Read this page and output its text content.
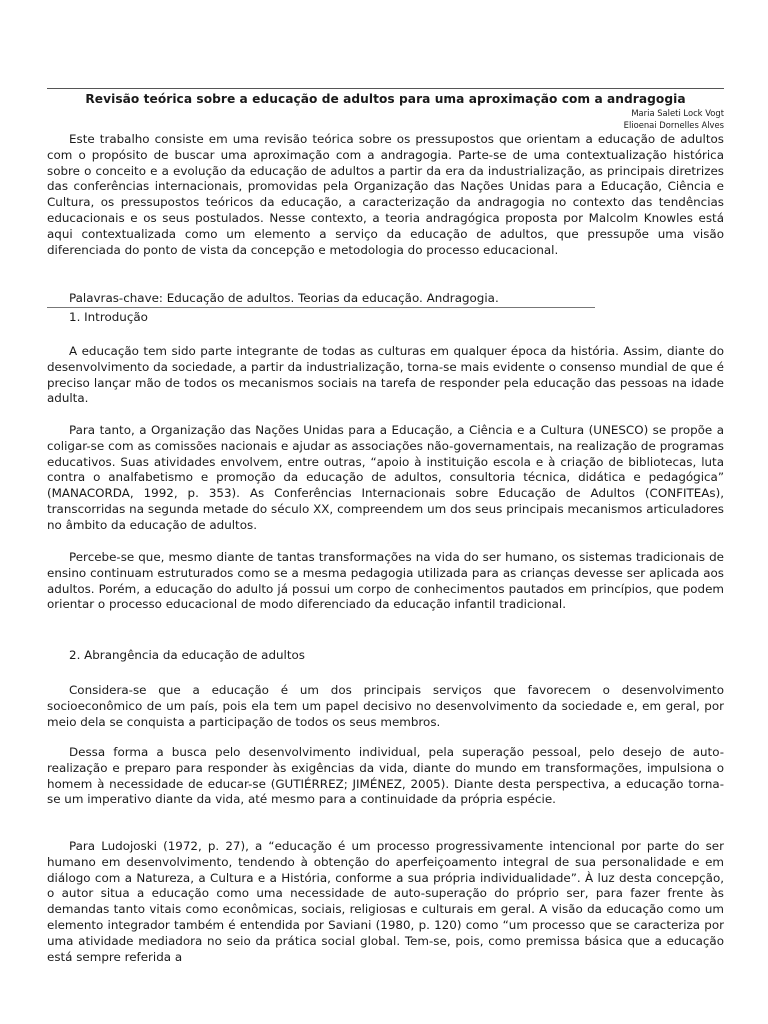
Revisão teórica sobre a educação de adultos para uma aproximação com a andragogia
Maria Saleti Lock Vogt
Elioenai Dornelles Alves

Este trabalho consiste em uma revisão teórica sobre os pressupostos que orientam a educação de adultos com o propósito de buscar uma aproximação com a andragogia. Parte-se de uma contextualização histórica sobre o conceito e a evolução da educação de adultos a partir da era da industrialização, as principais diretrizes das conferências internacionais, promovidas pela Organização das Nações Unidas para a Educação, Ciência e Cultura, os pressupostos teóricos da educação, a caracterização da andragogia no contexto das tendências educacionais e os seus postulados. Nesse contexto, a teoria andragógica proposta por Malcolm Knowles está aqui contextualizada como um elemento a serviço da educação de adultos, que pressupõe uma visão diferenciada do ponto de vista da concepção e metodologia do processo educacional.

Palavras-chave: Educação de adultos. Teorias da educação. Andragogia.

1. Introdução

A educação tem sido parte integrante de todas as culturas em qualquer época da história. Assim, diante do desenvolvimento da sociedade, a partir da industrialização, torna-se mais evidente o consenso mundial de que é preciso lançar mão de todos os mecanismos sociais na tarefa de responder pela educação das pessoas na idade adulta.

Para tanto, a Organização das Nações Unidas para a Educação, a Ciência e a Cultura (UNESCO) se propõe a coligar-se com as comissões nacionais e ajudar as associações não-governamentais, na realização de programas educativos. Suas atividades envolvem, entre outras, “apoio à instituição escola e à criação de bibliotecas, luta contra o analfabetismo e promoção da educação de adultos, consultoria técnica, didática e pedagógica” (MANACORDA, 1992, p. 353). As Conferências Internacionais sobre Educação de Adultos (CONFITEAs), transcorridas na segunda metade do século XX, compreendem um dos seus principais mecanismos articuladores no âmbito da educação de adultos.

Percebe-se que, mesmo diante de tantas transformações na vida do ser humano, os sistemas tradicionais de ensino continuam estruturados como se a mesma pedagogia utilizada para as crianças devesse ser aplicada aos adultos. Porém, a educação do adulto já possui um corpo de conhecimentos pautados em princípios, que podem orientar o processo educacional de modo diferenciado da educação infantil tradicional.

2. Abrangência da educação de adultos

Considera-se que a educação é um dos principais serviços que favorecem o desenvolvimento socioeconômico de um país, pois ela tem um papel decisivo no desenvolvimento da sociedade e, em geral, por meio dela se conquista a participação de todos os seus membros.

Dessa forma a busca pelo desenvolvimento individual, pela superação pessoal, pelo desejo de auto-realização e preparo para responder às exigências da vida, diante do mundo em transformações, impulsiona o homem à necessidade de educar-se (GUTIÉRREZ; JIMÉNEZ, 2005). Diante desta perspectiva, a educação torna-se um imperativo diante da vida, até mesmo para a continuidade da própria espécie.

Para Ludojoski (1972, p. 27), a “educação é um processo progressivamente intencional por parte do ser humano em desenvolvimento, tendendo à obtenção do aperfeiçoamento integral de sua personalidade e em diálogo com a Natureza, a Cultura e a História, conforme a sua própria individualidade”. À luz desta concepção, o autor situa a educação como uma necessidade de auto-superação do próprio ser, para fazer frente às demandas tanto vitais como econômicas, sociais, religiosas e culturais em geral. A visão da educação como um elemento integrador também é entendida por Saviani (1980, p. 120) como “um processo que se caracteriza por uma atividade mediadora no seio da prática social global. Tem-se, pois, como premissa básica que a educação está sempre referida a
